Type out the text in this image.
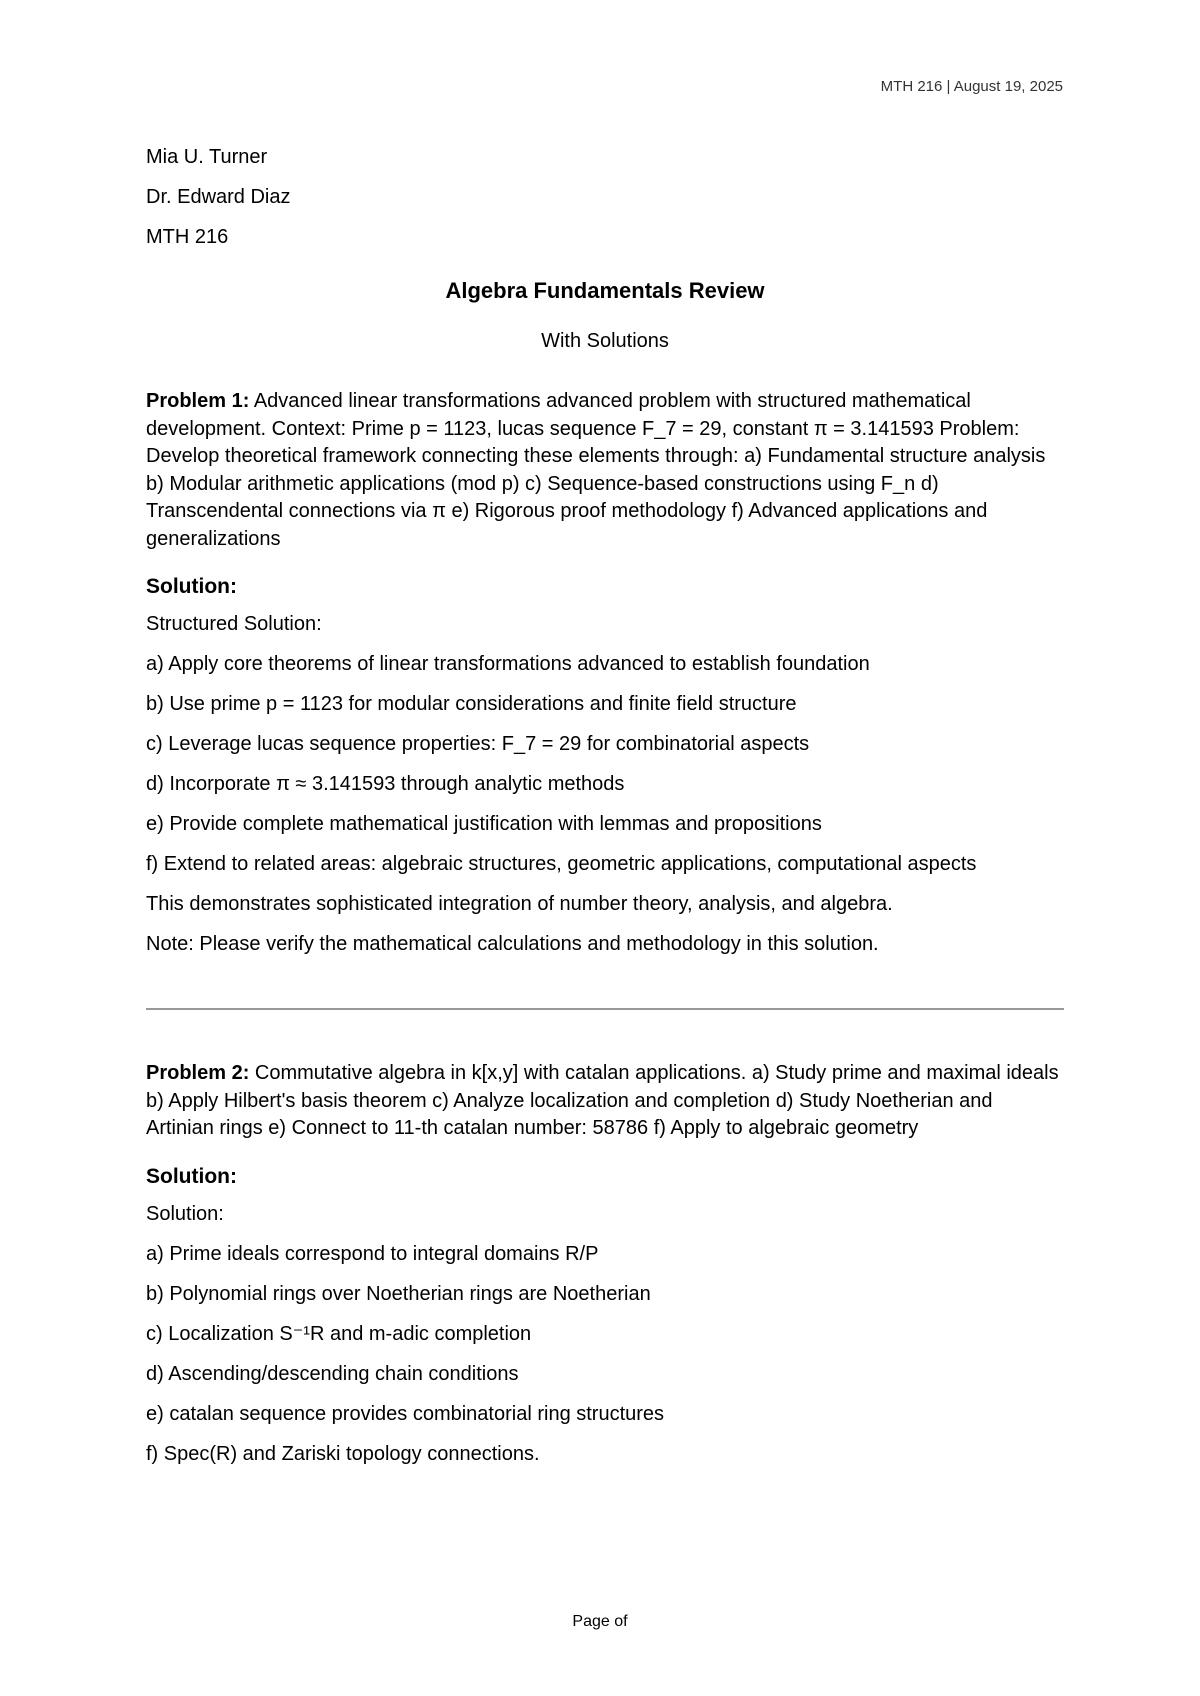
MTH 216 | August 19, 2025

Mia U. Turner

Dr. Edward Diaz

MTH 216

Algebra Fundamentals Review

With Solutions

Problem 1: Advanced linear transformations advanced problem with structured mathematical development. Context: Prime p = 1123, lucas sequence F_7 = 29, constant π = 3.141593 Problem: Develop theoretical framework connecting these elements through: a) Fundamental structure analysis b) Modular arithmetic applications (mod p) c) Sequence-based constructions using F_n d) Transcendental connections via π e) Rigorous proof methodology f) Advanced applications and generalizations

Solution:

Structured Solution:

a) Apply core theorems of linear transformations advanced to establish foundation

b) Use prime p = 1123 for modular considerations and finite field structure

c) Leverage lucas sequence properties: F_7 = 29 for combinatorial aspects

d) Incorporate π ≈ 3.141593 through analytic methods

e) Provide complete mathematical justification with lemmas and propositions

f) Extend to related areas: algebraic structures, geometric applications, computational aspects

This demonstrates sophisticated integration of number theory, analysis, and algebra.

Note: Please verify the mathematical calculations and methodology in this solution.

Problem 2: Commutative algebra in k[x,y] with catalan applications. a) Study prime and maximal ideals b) Apply Hilbert's basis theorem c) Analyze localization and completion d) Study Noetherian and Artinian rings e) Connect to 11-th catalan number: 58786 f) Apply to algebraic geometry

Solution:

Solution:

a) Prime ideals correspond to integral domains R/P

b) Polynomial rings over Noetherian rings are Noetherian

c) Localization S⁻¹R and m-adic completion

d) Ascending/descending chain conditions

e) catalan sequence provides combinatorial ring structures

f) Spec(R) and Zariski topology connections.

Page of
